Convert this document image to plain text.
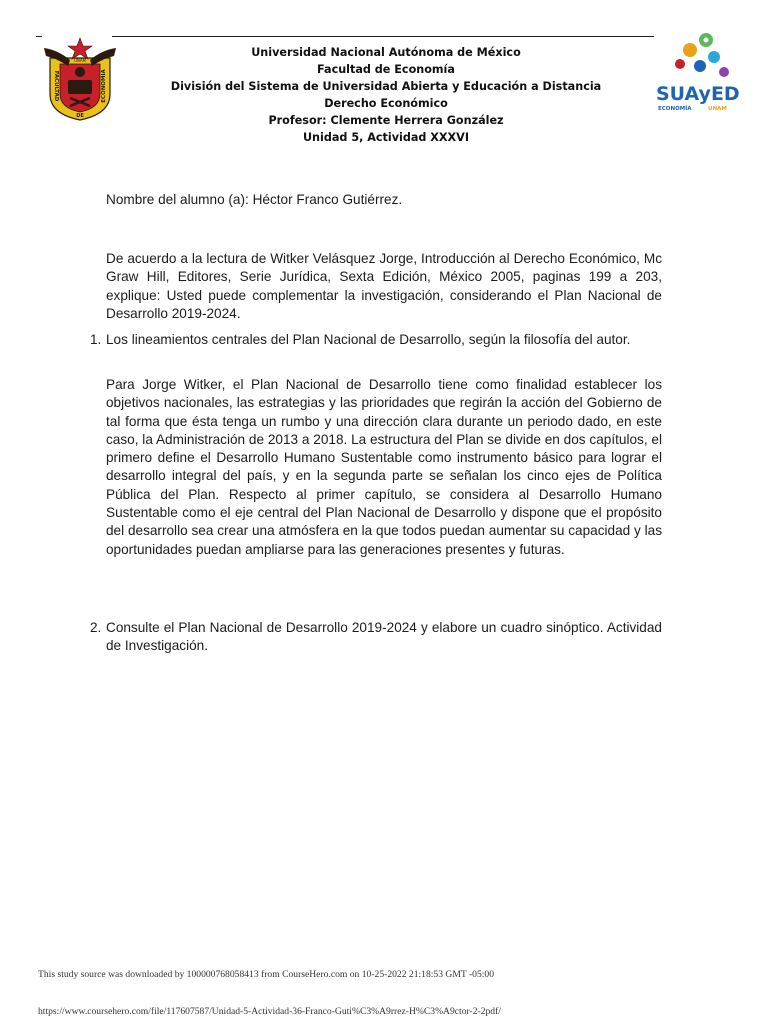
UNAM
FACULTAD	ECONOMIA
DE
Universidad Nacional Autónoma de México
Facultad de Economía
División del Sistema de Universidad Abierta y Educación a Distancia
Derecho Económico
Profesor: Clemente Herrera González
Unidad 5, Actividad XXXVI
SUAyED
ECONOMÍA	UNAM
Nombre del alumno (a): Héctor Franco Gutiérrez.
De acuerdo a la lectura de Witker Velásquez Jorge, Introducción al Derecho Económico, Mc Graw Hill, Editores, Serie Jurídica, Sexta Edición, México 2005, paginas 199 a 203, explique: Usted puede complementar la investigación, considerando el Plan Nacional de Desarrollo 2019-2024.
1. Los lineamientos centrales del Plan Nacional de Desarrollo, según la filosofía del autor.
Para Jorge Witker, el Plan Nacional de Desarrollo tiene como finalidad establecer los objetivos nacionales, las estrategias y las prioridades que regirán la acción del Gobierno de tal forma que ésta tenga un rumbo y una dirección clara durante un periodo dado, en este caso, la Administración de 2013 a 2018. La estructura del Plan se divide en dos capítulos, el primero define el Desarrollo Humano Sustentable como instrumento básico para lograr el desarrollo integral del país, y en la segunda parte se señalan los cinco ejes de Política Pública del Plan. Respecto al primer capítulo, se considera al Desarrollo Humano Sustentable como el eje central del Plan Nacional de Desarrollo y dispone que el propósito del desarrollo sea crear una atmósfera en la que todos puedan aumentar su capacidad y las oportunidades puedan ampliarse para las generaciones presentes y futuras.
2. Consulte el Plan Nacional de Desarrollo 2019-2024 y elabore un cuadro sinóptico. Actividad de Investigación.
This study source was downloaded by 100000768058413 from CourseHero.com on 10-25-2022 21:18:53 GMT -05:00
https://www.coursehero.com/file/117607587/Unidad-5-Actividad-36-Franco-Guti%C3%A9rrez-H%C3%A9ctor-2-2pdf/
